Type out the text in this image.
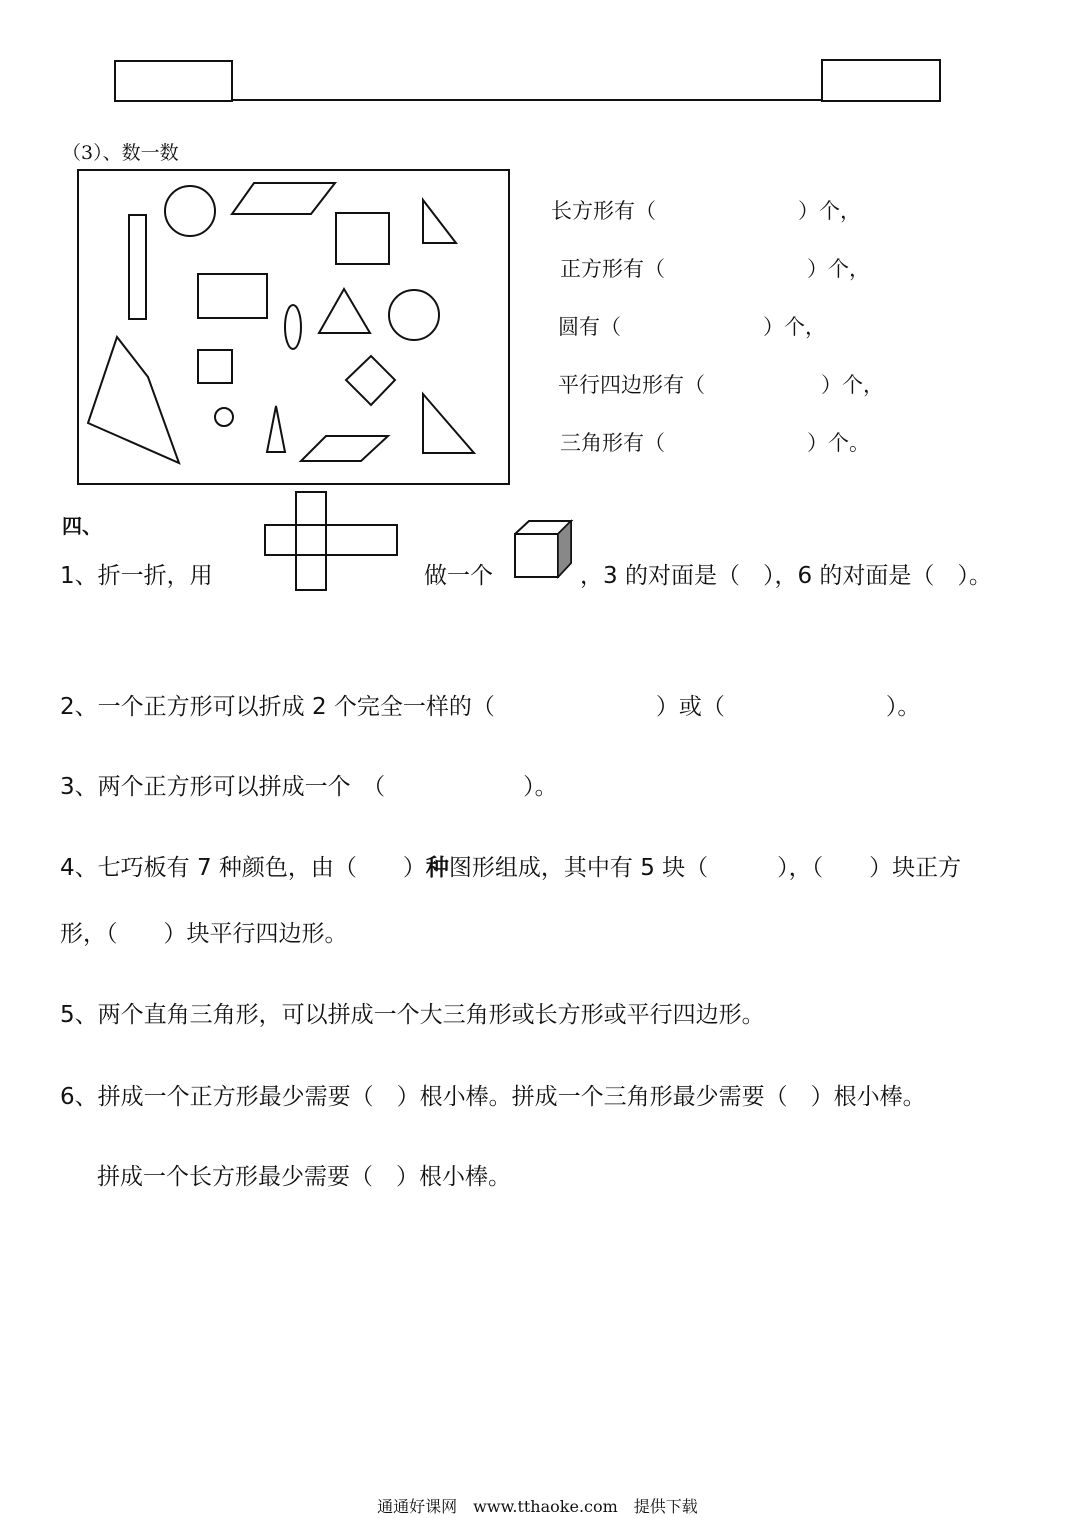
（3）、数一数
长方形有（	）个，
正方形有（	）个，
圆有（	）个，
平行四边形有（	）个，
三角形有（	）个。
四、
1、折一折，用	做一个	，3 的对面是（　），6 的对面是（　）。
2、一个正方形可以折成 2 个完全一样的（　　　　　　　）或（　　　　　　　）。
3、两个正方形可以拼成一个　（　　　　　　）。
4、七巧板有 7 种颜色，由（　　）种图形组成，其中有 5 块（　　　），（　　）块正方
形，（　　）块平行四边形。
5、两个直角三角形，可以拼成一个大三角形或长方形或平行四边形。
6、拼成一个正方形最少需要（　）根小棒。拼成一个三角形最少需要（　）根小棒。
拼成一个长方形最少需要（　）根小棒。
通通好课网　www.tthaoke.com　提供下载
